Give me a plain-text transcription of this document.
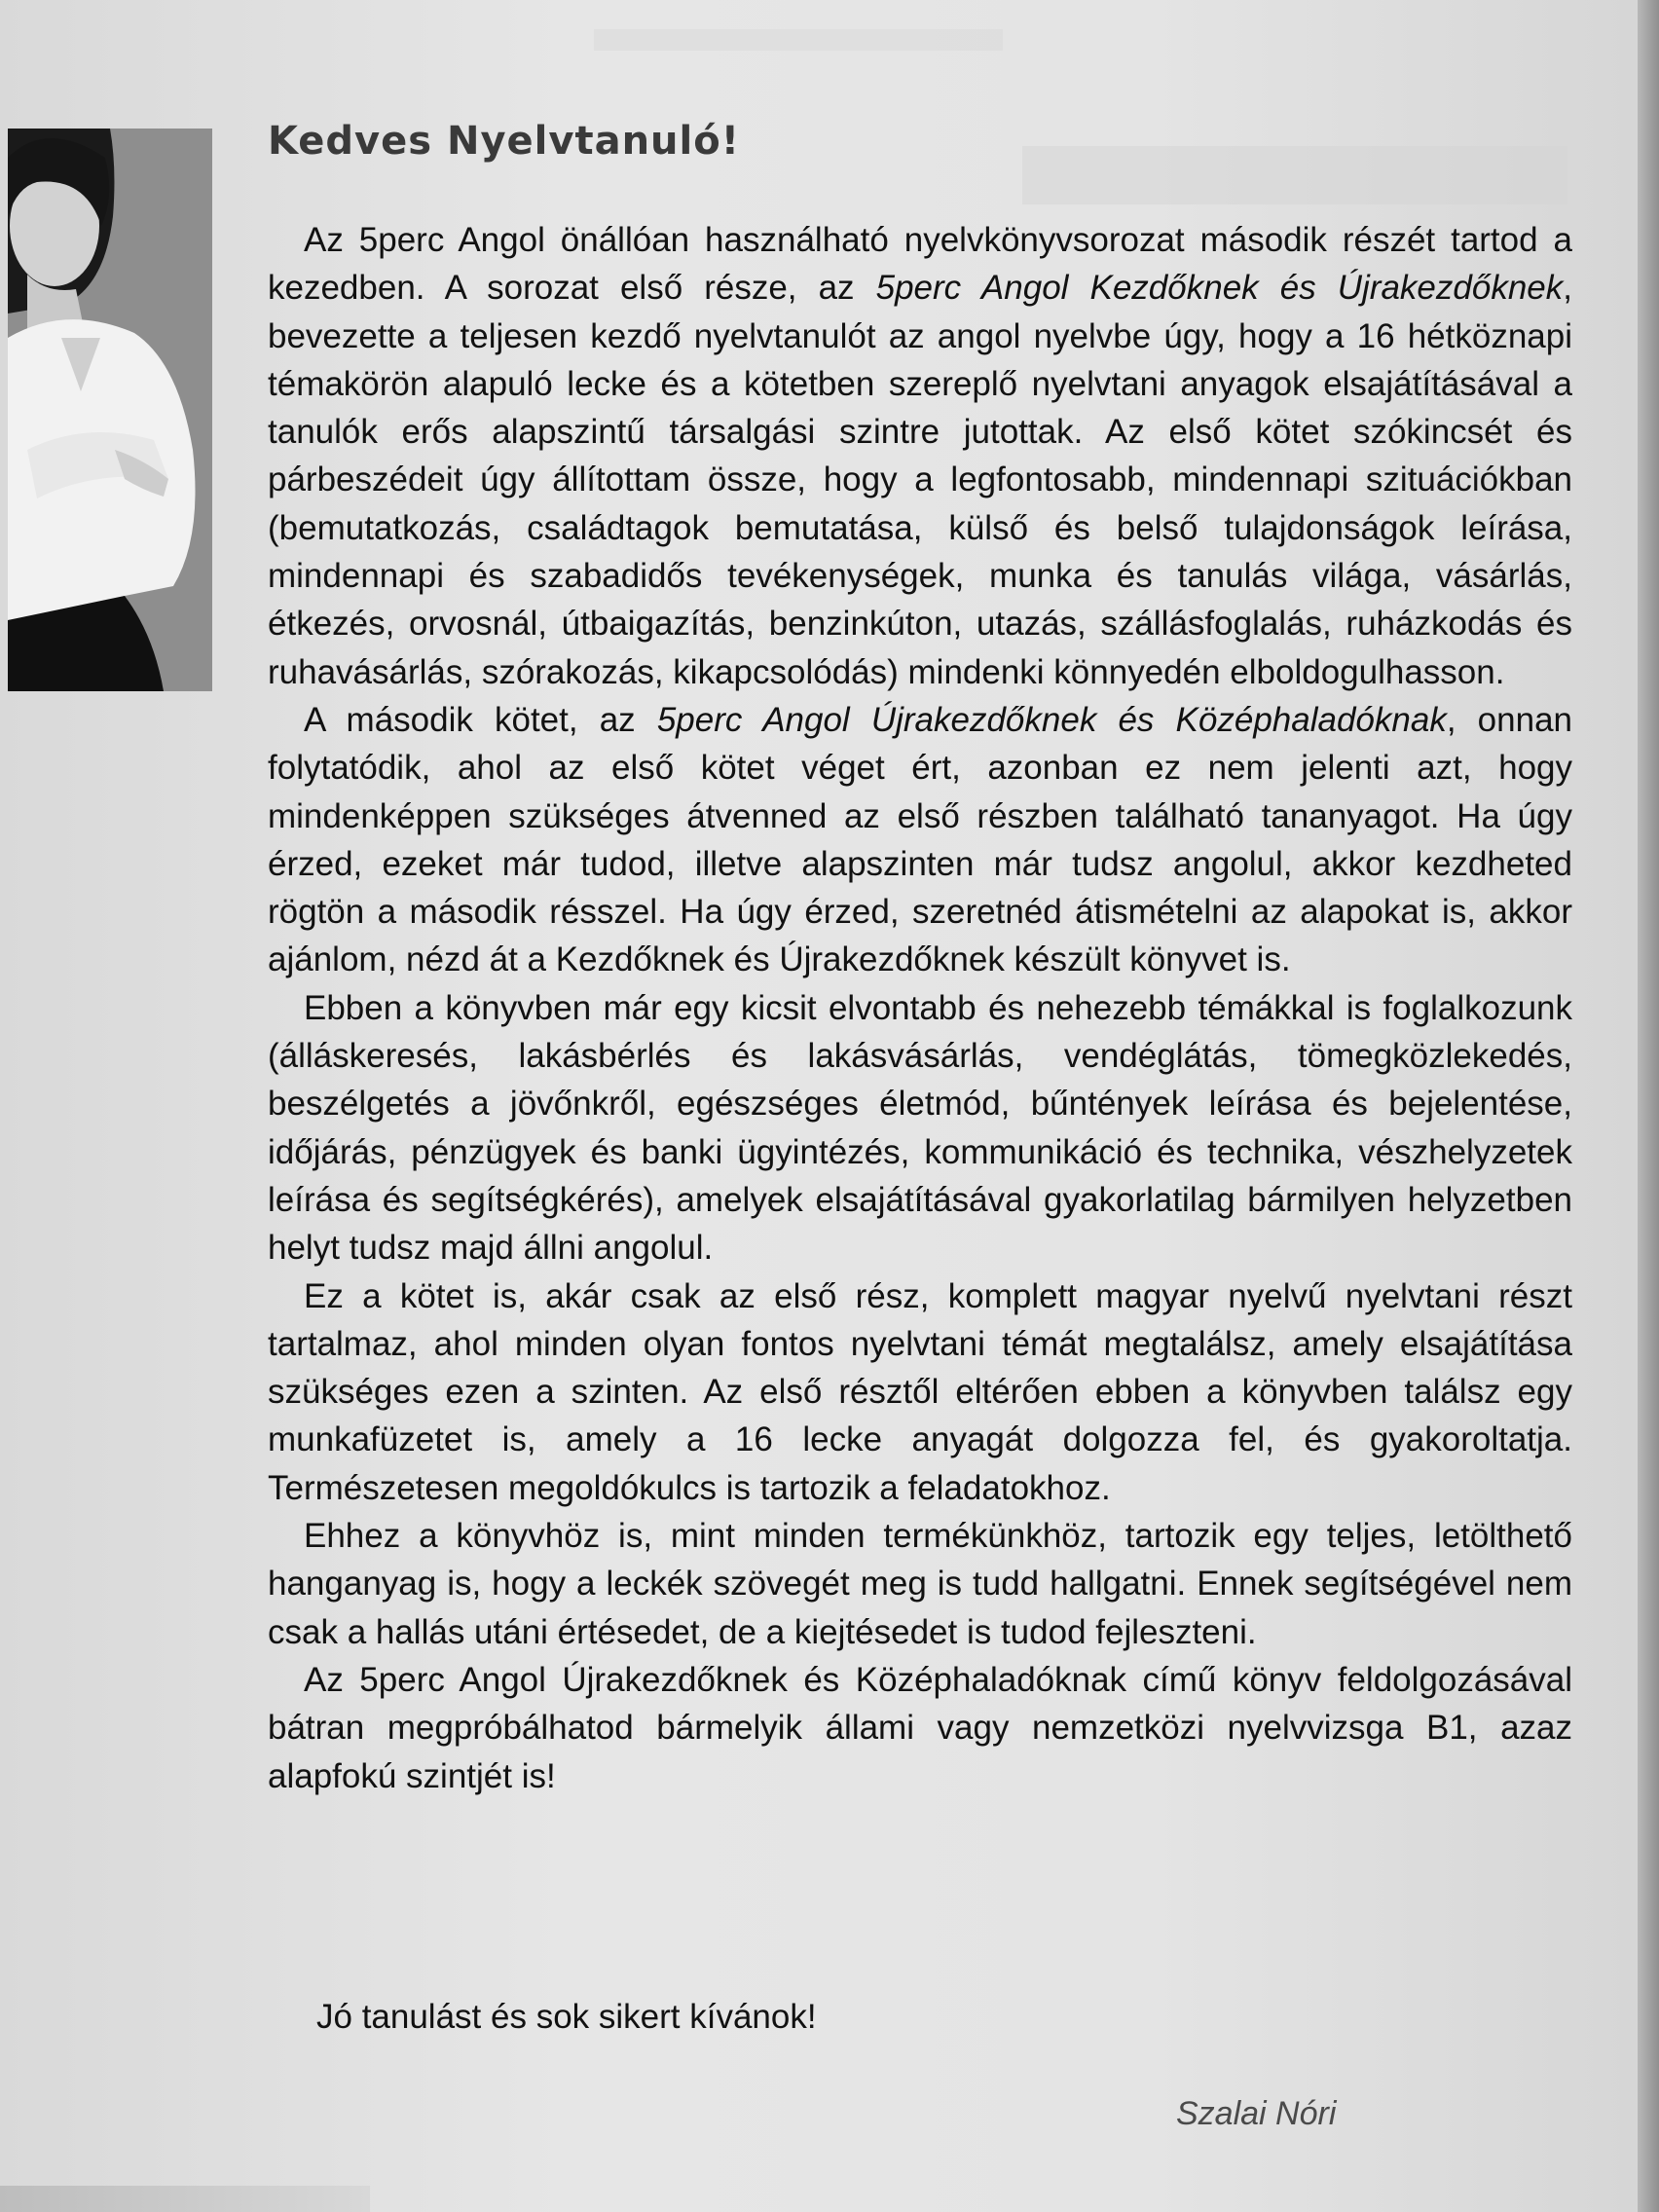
Kedves Nyelvtanuló!

Az 5perc Angol önállóan használható nyelvkönyvsorozat második részét tartod a kezedben. A sorozat első része, az 5perc Angol Kezdőknek és Újrakezdőknek, bevezette a teljesen kezdő nyelvtanulót az angol nyelvbe úgy, hogy a 16 hétköznapi témakörön alapuló lecke és a kötetben szereplő nyelvtani anyagok elsajátításával a tanulók erős alapszintű társalgási szintre jutottak. Az első kötet szókincsét és párbeszédeit úgy állítottam össze, hogy a legfontosabb, mindennapi szituációkban (bemutatkozás, családtagok bemutatása, külső és belső tulajdonságok leírása, mindennapi és szabadidős tevékenységek, munka és tanulás világa, vásárlás, étkezés, orvosnál, útbaigazítás, benzinkúton, utazás, szállásfoglalás, ruházkodás és ruhavásárlás, szórakozás, kikapcsolódás) mindenki könnyedén elboldogulhasson.

A második kötet, az 5perc Angol Újrakezdőknek és Középhaladóknak, onnan folytatódik, ahol az első kötet véget ért, azonban ez nem jelenti azt, hogy mindenképpen szükséges átvenned az első részben található tananyagot. Ha úgy érzed, ezeket már tudod, illetve alapszinten már tudsz angolul, akkor kezdheted rögtön a második résszel. Ha úgy érzed, szeretnéd átismételni az alapokat is, akkor ajánlom, nézd át a Kezdőknek és Újrakezdőknek készült könyvet is.

Ebben a könyvben már egy kicsit elvontabb és nehezebb témákkal is foglalkozunk (álláskeresés, lakásbérlés és lakásvásárlás, vendéglátás, tömegközlekedés, beszélgetés a jövőnkről, egészséges életmód, bűntények leírása és bejelentése, időjárás, pénzügyek és banki ügyintézés, kommunikáció és technika, vészhelyzetek leírása és segítségkérés), amelyek elsajátításával gyakorlatilag bármilyen helyzetben helyt tudsz majd állni angolul.

Ez a kötet is, akár csak az első rész, komplett magyar nyelvű nyelvtani részt tartalmaz, ahol minden olyan fontos nyelvtani témát megtalálsz, amely elsajátítása szükséges ezen a szinten. Az első résztől eltérően ebben a könyvben találsz egy munkafüzetet is, amely a 16 lecke anyagát dolgozza fel, és gyakoroltatja. Természetesen megoldókulcs is tartozik a feladatokhoz.

Ehhez a könyvhöz is, mint minden termékünkhöz, tartozik egy teljes, letölthető hanganyag is, hogy a leckék szövegét meg is tudd hallgatni. Ennek segítségével nem csak a hallás utáni értésedet, de a kiejtésedet is tudod fejleszteni.

Az 5perc Angol Újrakezdőknek és Középhaladóknak című könyv feldolgozásával bátran megpróbálhatod bármelyik állami vagy nemzetközi nyelvvizsga B1, azaz alapfokú szintjét is!

Jó tanulást és sok sikert kívánok!

Szalai Nóri
